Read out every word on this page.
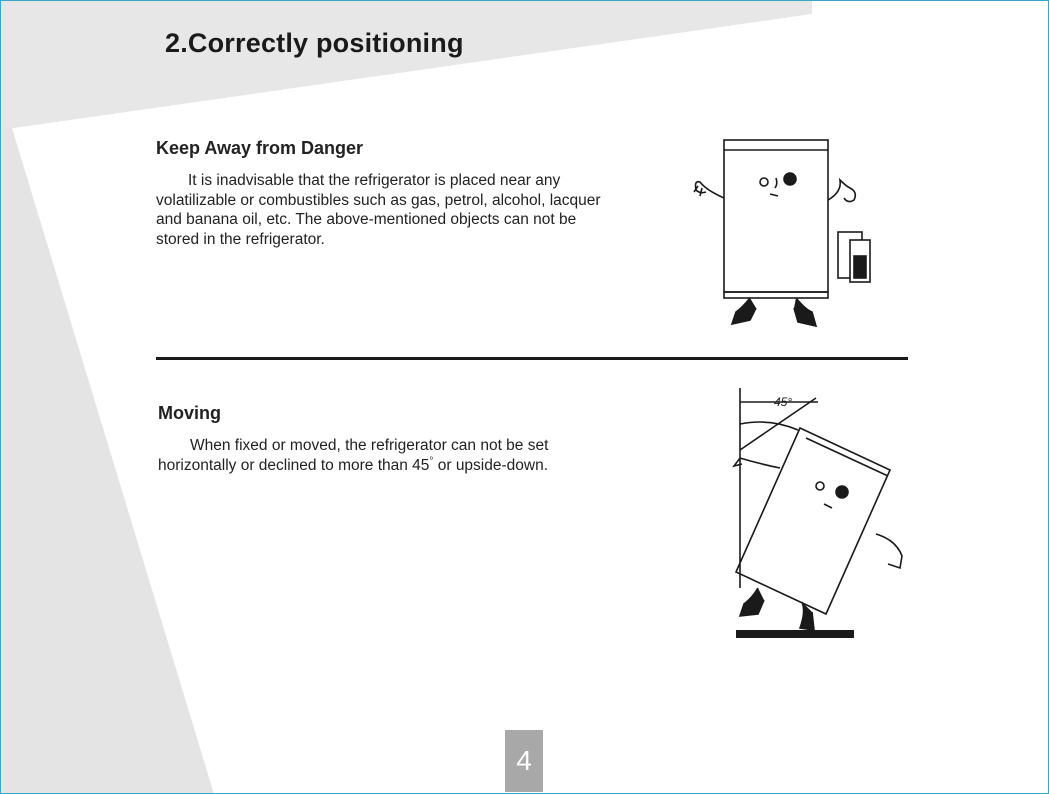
2.Correctly positioning
Keep Away from Danger

It is inadvisable that the refrigerator is placed near any
volatilizable or combustibles such as gas, petrol, alcohol, lacquer
and banana oil, etc. The above-mentioned objects can not be
stored in the refrigerator.

Moving

When fixed or moved, the refrigerator can not be set
horizontally or declined to more than 45° or upside-down.

45°
4
